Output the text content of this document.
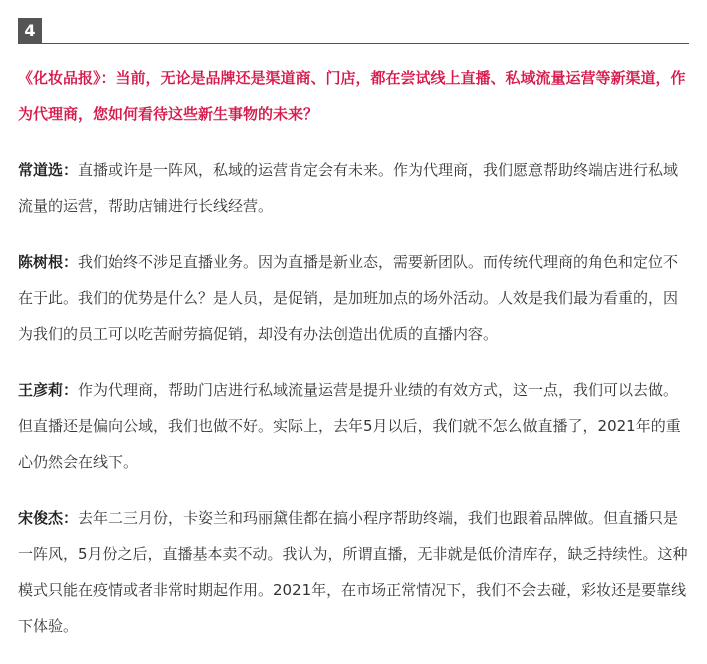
4

《化妆品报》：当前，无论是品牌还是渠道商、门店，都在尝试线上直播、私域流量运营等新渠道，作为代理商，您如何看待这些新生事物的未来？

常道选：直播或许是一阵风，私域的运营肯定会有未来。作为代理商，我们愿意帮助终端店进行私域流量的运营，帮助店铺进行长线经营。

陈树根：我们始终不涉足直播业务。因为直播是新业态，需要新团队。而传统代理商的角色和定位不在于此。我们的优势是什么？是人员，是促销，是加班加点的场外活动。人效是我们最为看重的，因为我们的员工可以吃苦耐劳搞促销，却没有办法创造出优质的直播内容。

王彦莉：作为代理商，帮助门店进行私域流量运营是提升业绩的有效方式，这一点，我们可以去做。但直播还是偏向公域，我们也做不好。实际上，去年5月以后，我们就不怎么做直播了，2021年的重心仍然会在线下。

宋俊杰：去年二三月份，卡姿兰和玛丽黛佳都在搞小程序帮助终端，我们也跟着品牌做。但直播只是一阵风，5月份之后，直播基本卖不动。我认为，所谓直播，无非就是低价清库存，缺乏持续性。这种模式只能在疫情或者非常时期起作用。2021年，在市场正常情况下，我们不会去碰，彩妆还是要靠线下体验。
